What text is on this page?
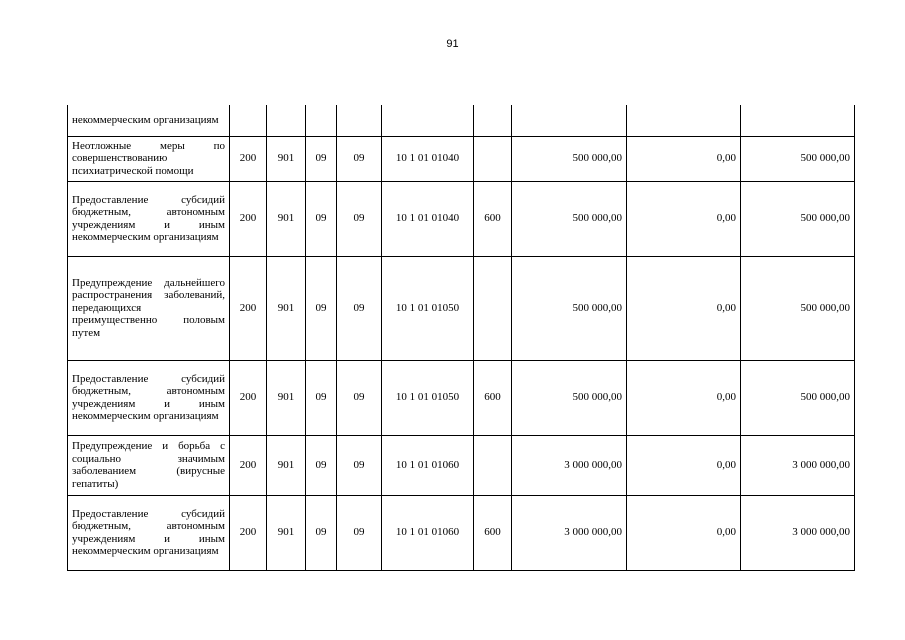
91
некоммерческим организациям									
Неотложные меры по совершенствованию психиатрической помощи	200	901	09	09	10 1 01 01040		500 000,00	0,00	500 000,00
Предоставление субсидий бюджетным, автономным учреждениям и иным некоммерческим организациям	200	901	09	09	10 1 01 01040	600	500 000,00	0,00	500 000,00
Предупреждение дальнейшего распространения заболеваний, передающихся преимущественно половым путем	200	901	09	09	10 1 01 01050		500 000,00	0,00	500 000,00
Предоставление субсидий бюджетным, автономным учреждениям и иным некоммерческим организациям	200	901	09	09	10 1 01 01050	600	500 000,00	0,00	500 000,00
Предупреждение и борьба с социально значимым заболеванием (вирусные гепатиты)	200	901	09	09	10 1 01 01060		3 000 000,00	0,00	3 000 000,00
Предоставление субсидий бюджетным, автономным учреждениям и иным некоммерческим организациям	200	901	09	09	10 1 01 01060	600	3 000 000,00	0,00	3 000 000,00
